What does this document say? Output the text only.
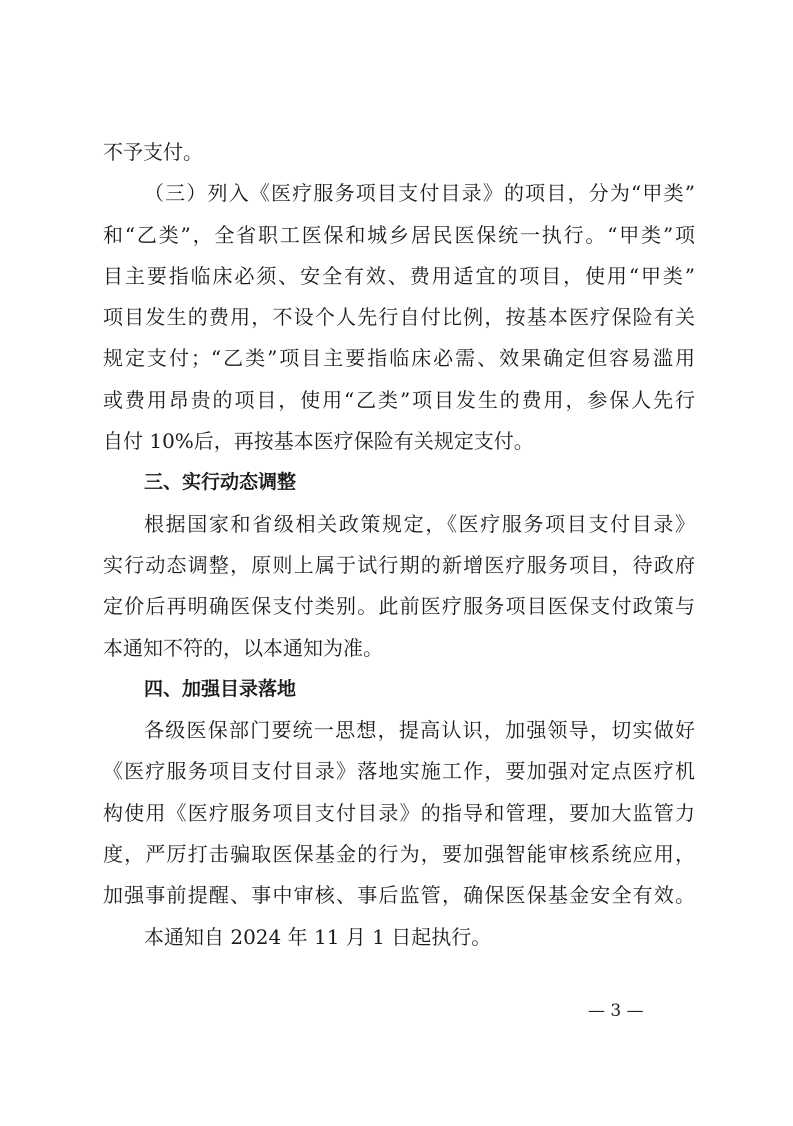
不予支付。
（三）列入《医疗服务项目支付目录》的项目，分为“甲类”
和“乙类”，全省职工医保和城乡居民医保统一执行。“甲类”项
目主要指临床必须、安全有效、费用适宜的项目，使用“甲类”
项目发生的费用，不设个人先行自付比例，按基本医疗保险有关
规定支付；“乙类”项目主要指临床必需、效果确定但容易滥用
或费用昂贵的项目，使用“乙类”项目发生的费用，参保人先行
自付 10%后，再按基本医疗保险有关规定支付。
三、实行动态调整
根据国家和省级相关政策规定，《医疗服务项目支付目录》
实行动态调整，原则上属于试行期的新增医疗服务项目，待政府
定价后再明确医保支付类别。此前医疗服务项目医保支付政策与
本通知不符的，以本通知为准。
四、加强目录落地
各级医保部门要统一思想，提高认识，加强领导，切实做好
《医疗服务项目支付目录》落地实施工作，要加强对定点医疗机
构使用《医疗服务项目支付目录》的指导和管理，要加大监管力
度，严厉打击骗取医保基金的行为，要加强智能审核系统应用，
加强事前提醒、事中审核、事后监管，确保医保基金安全有效。
本通知自 2024 年 11 月 1 日起执行。
— 3 —
